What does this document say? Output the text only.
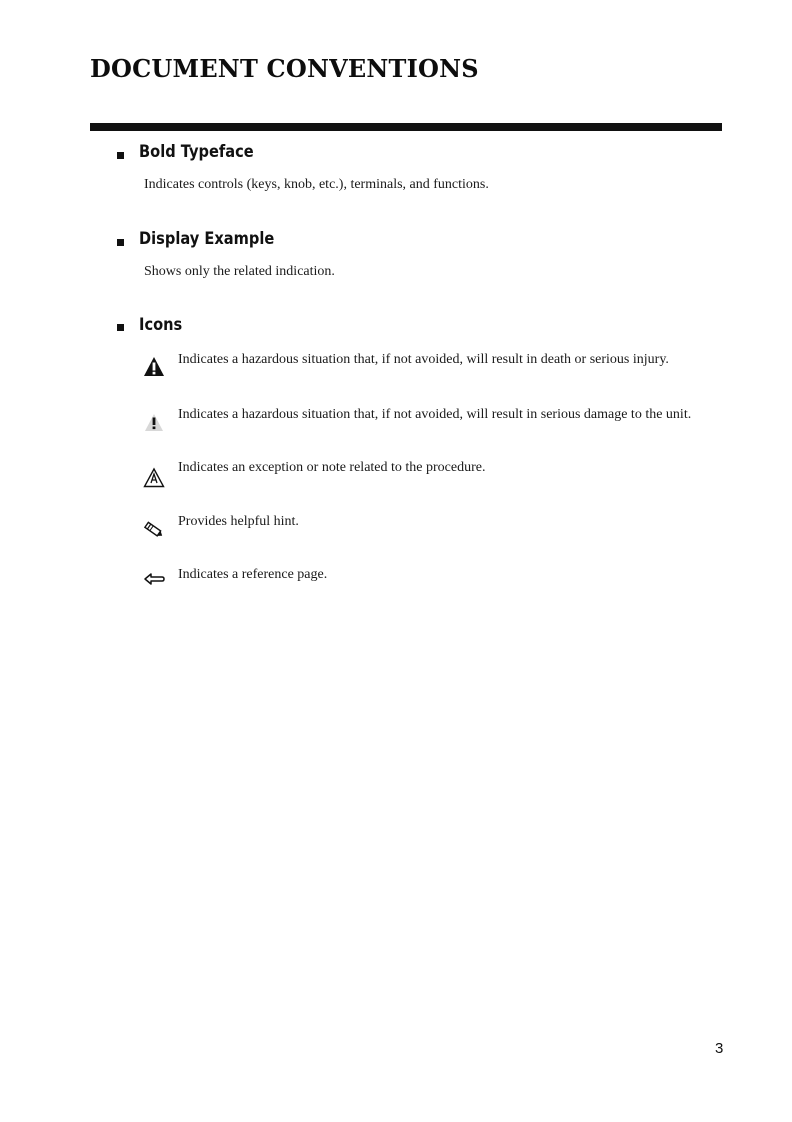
DOCUMENT CONVENTIONS
Bold Typeface

Indicates controls (keys, knob, etc.), terminals, and functions.

Display Example

Shows only the related indication.

Icons

Indicates a hazardous situation that, if not avoided, will result in death or serious injury.

Indicates a hazardous situation that, if not avoided, will result in serious damage to the unit.

Indicates an exception or note related to the procedure.

Provides helpful hint.

Indicates a reference page.

3
